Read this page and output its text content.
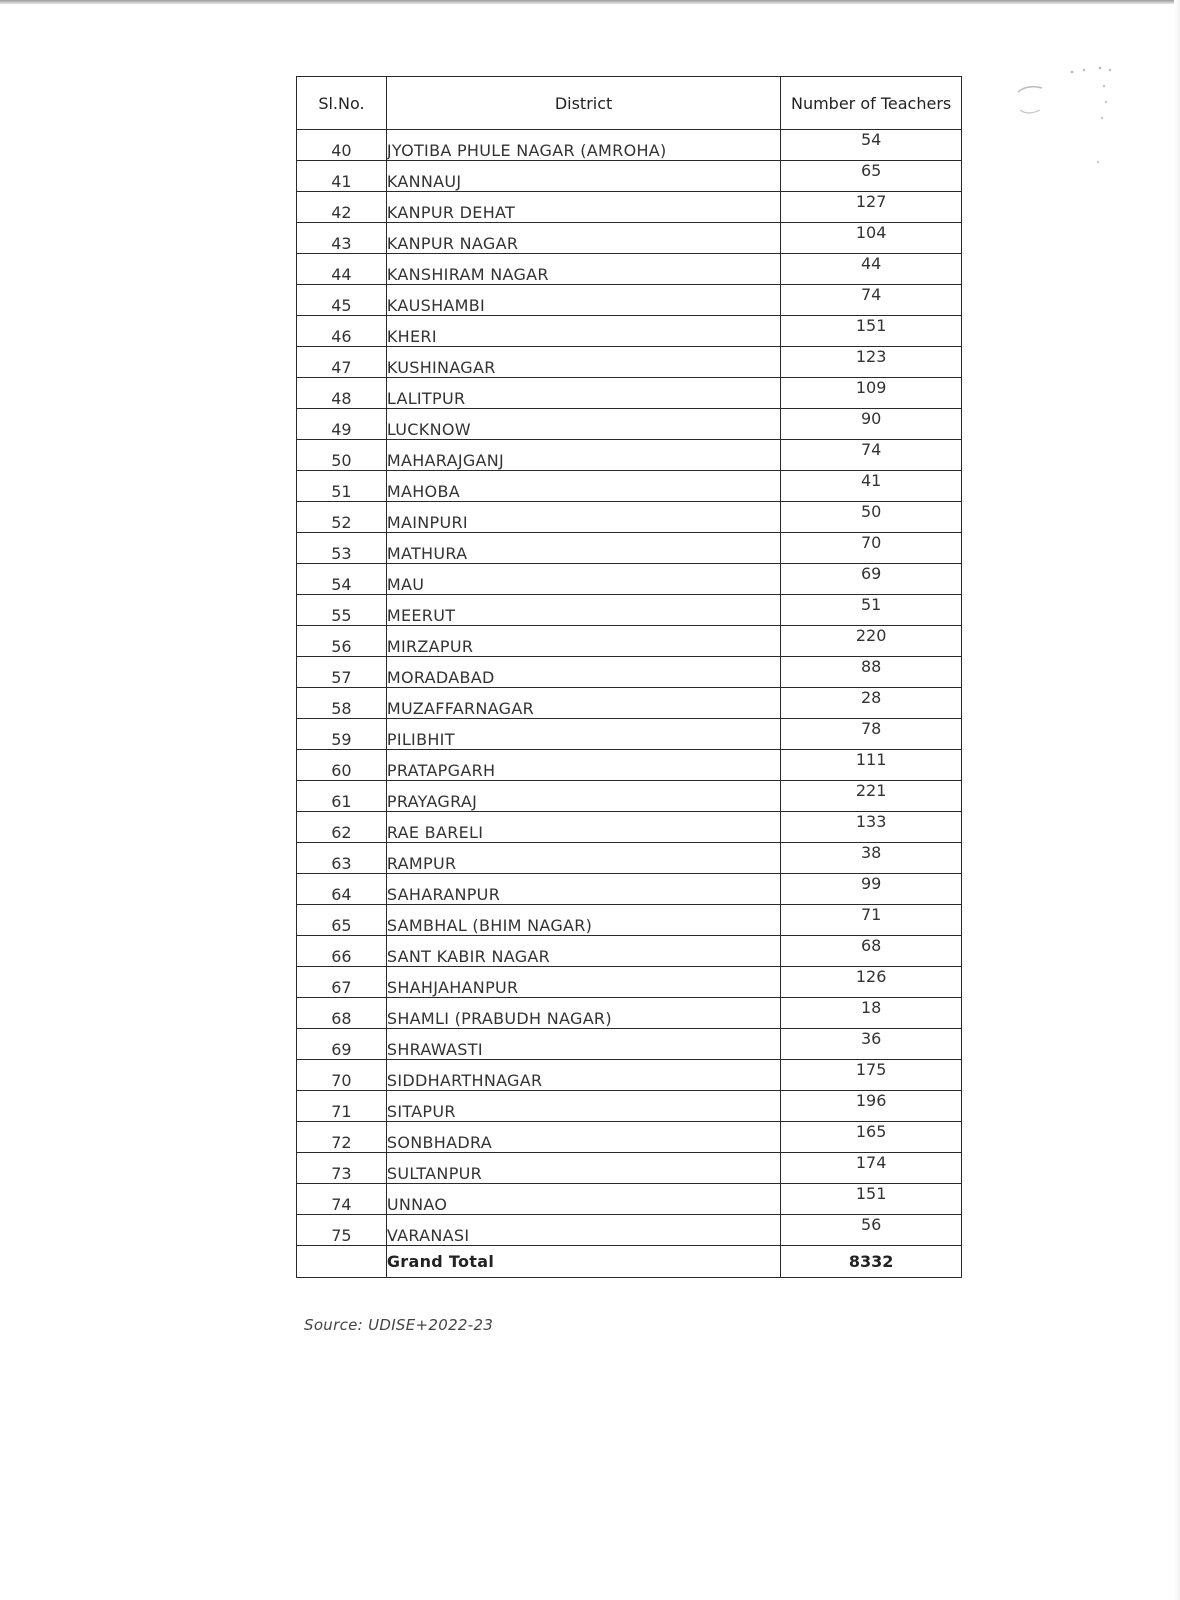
Sl.No.	District	Number of Teachers
40	JYOTIBA PHULE NAGAR (AMROHA)	54
41	KANNAUJ	65
42	KANPUR DEHAT	127
43	KANPUR NAGAR	104
44	KANSHIRAM NAGAR	44
45	KAUSHAMBI	74
46	KHERI	151
47	KUSHINAGAR	123
48	LALITPUR	109
49	LUCKNOW	90
50	MAHARAJGANJ	74
51	MAHOBA	41
52	MAINPURI	50
53	MATHURA	70
54	MAU	69
55	MEERUT	51
56	MIRZAPUR	220
57	MORADABAD	88
58	MUZAFFARNAGAR	28
59	PILIBHIT	78
60	PRATAPGARH	111
61	PRAYAGRAJ	221
62	RAE BARELI	133
63	RAMPUR	38
64	SAHARANPUR	99
65	SAMBHAL (BHIM NAGAR)	71
66	SANT KABIR NAGAR	68
67	SHAHJAHANPUR	126
68	SHAMLI (PRABUDH NAGAR)	18
69	SHRAWASTI	36
70	SIDDHARTHNAGAR	175
71	SITAPUR	196
72	SONBHADRA	165
73	SULTANPUR	174
74	UNNAO	151
75	VARANASI	56
	Grand Total	8332
Source: UDISE+2022-23
